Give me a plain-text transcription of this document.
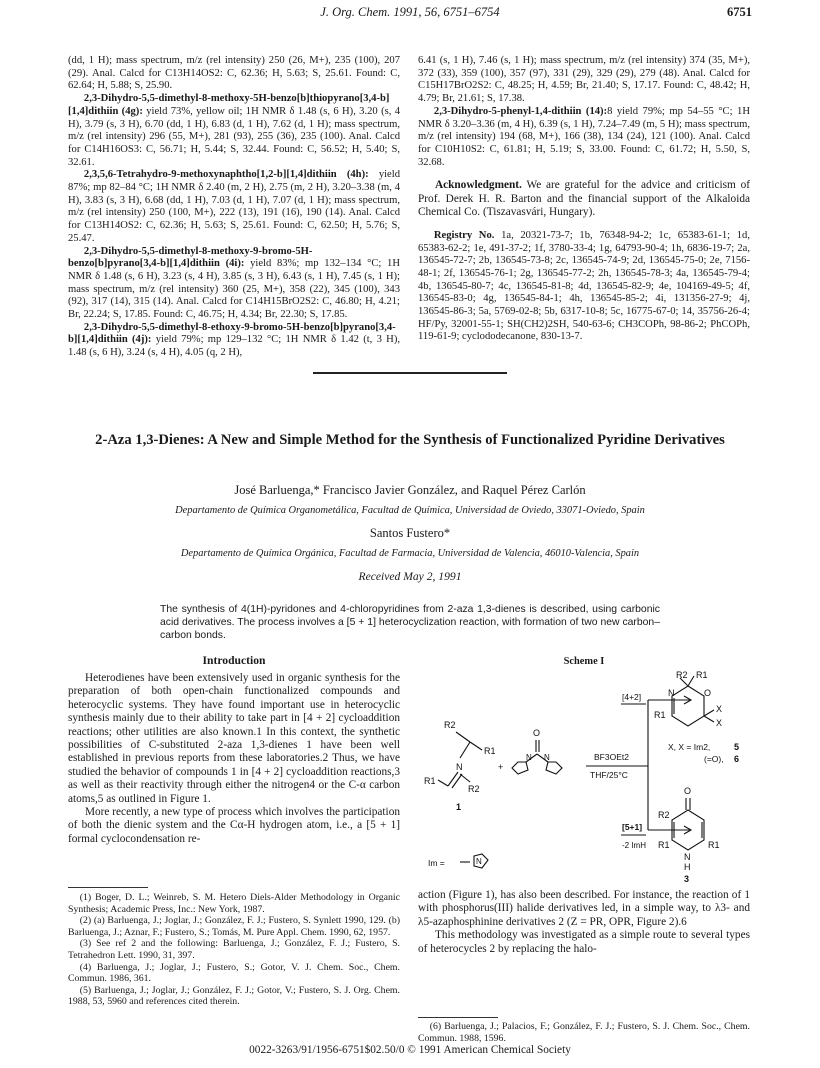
J. Org. Chem. 1991, 56, 6751–6754	6751

(dd, 1 H); mass spectrum, m/z (rel intensity) 250 (26, M+), 235 (100), 207 (29). Anal. Calcd for C13H14OS2: C, 62.36; H, 5.63; S, 25.61. Found: C, 62.64; H, 5.88; S, 25.90.

2,3-Dihydro-5,5-dimethyl-8-methoxy-5H-benzo[b]thiopyrano[3,4-b][1,4]dithiin (4g): yield 73%, yellow oil; 1H NMR δ 1.48 (s, 6 H), 3.20 (s, 4 H), 3.79 (s, 3 H), 6.70 (dd, 1 H), 6.83 (d, 1 H), 7.62 (d, 1 H); mass spectrum, m/z (rel intensity) 296 (55, M+), 281 (93), 255 (36), 235 (100). Anal. Calcd for C14H16OS3: C, 56.71; H, 5.44; S, 32.44. Found: C, 56.52; H, 5.40; S, 32.61.

2,3,5,6-Tetrahydro-9-methoxynaphtho[1,2-b][1,4]dithiin (4h): yield 87%; mp 82–84 °C; 1H NMR δ 2.40 (m, 2 H), 2.75 (m, 2 H), 3.20–3.38 (m, 4 H), 3.83 (s, 3 H), 6.68 (dd, 1 H), 7.03 (d, 1 H), 7.07 (d, 1 H); mass spectrum, m/z (rel intensity) 250 (100, M+), 222 (13), 191 (16), 190 (14). Anal. Calcd for C13H14OS2: C, 62.36; H, 5.63; S, 25.61. Found: C, 62.50; H, 5.76; S, 25.47.

2,3-Dihydro-5,5-dimethyl-8-methoxy-9-bromo-5H-benzo[b]pyrano[3,4-b][1,4]dithiin (4i): yield 83%; mp 132–134 °C; 1H NMR δ 1.48 (s, 6 H), 3.23 (s, 4 H), 3.85 (s, 3 H), 6.43 (s, 1 H), 7.45 (s, 1 H); mass spectrum, m/z (rel intensity) 360 (25, M+), 358 (22), 345 (100), 343 (92), 317 (14), 315 (14). Anal. Calcd for C14H15BrO2S2: C, 46.80; H, 4.21; Br, 22.24; S, 17.85. Found: C, 46.75; H, 4.34; Br, 22.30; S, 17.85.

2,3-Dihydro-5,5-dimethyl-8-ethoxy-9-bromo-5H-benzo[b]pyrano[3,4-b][1,4]dithiin (4j): yield 79%; mp 129–132 °C; 1H NMR δ 1.42 (t, 3 H), 1.48 (s, 6 H), 3.24 (s, 4 H), 4.05 (q, 2 H),

6.41 (s, 1 H), 7.46 (s, 1 H); mass spectrum, m/z (rel intensity) 374 (35, M+), 372 (33), 359 (100), 357 (97), 331 (29), 329 (29), 279 (48). Anal. Calcd for C15H17BrO2S2: C, 48.25; H, 4.59; Br, 21.40; S, 17.17. Found: C, 48.42; H, 4.79; Br, 21.61; S, 17.38.

2,3-Dihydro-5-phenyl-1,4-dithiin (14):8 yield 79%; mp 54–55 °C; 1H NMR δ 3.20–3.36 (m, 4 H), 6.39 (s, 1 H), 7.24–7.49 (m, 5 H); mass spectrum, m/z (rel intensity) 194 (68, M+), 166 (38), 134 (24), 121 (100). Anal. Calcd for C10H10S2: C, 61.81; H, 5.19; S, 33.00. Found: C, 61.72; H, 5.50, S, 32.68.

Acknowledgment. We are grateful for the advice and criticism of Prof. Derek H. R. Barton and the financial support of the Alkaloida Chemical Co. (Tiszavasvári, Hungary).

Registry No. 1a, 20321-73-7; 1b, 76348-94-2; 1c, 65383-61-1; 1d, 65383-62-2; 1e, 491-37-2; 1f, 3780-33-4; 1g, 64793-90-4; 1h, 6836-19-7; 2a, 136545-72-7; 2b, 136545-73-8; 2c, 136545-74-9; 2d, 136545-75-0; 2e, 7156-48-1; 2f, 136545-76-1; 2g, 136545-77-2; 2h, 136545-78-3; 4a, 136545-79-4; 4b, 136545-80-7; 4c, 136545-81-8; 4d, 136545-82-9; 4e, 104169-49-5; 4f, 136545-83-0; 4g, 136545-84-1; 4h, 136545-85-2; 4i, 131356-27-9; 4j, 136545-86-3; 5a, 5769-02-8; 5b, 6317-10-8; 5c, 16775-67-0; 14, 35756-26-4; HF/Py, 32001-55-1; SH(CH2)2SH, 540-63-6; CH3COPh, 98-86-2; PhCOPh, 119-61-9; cyclododecanone, 830-13-7.

2-Aza 1,3-Dienes: A New and Simple Method for the Synthesis of Functionalized Pyridine Derivatives
José Barluenga,* Francisco Javier González, and Raquel Pérez Carlón
Departamento de Química Organometálica, Facultad de Química, Universidad de Oviedo, 33071-Oviedo, Spain
Santos Fustero*
Departamento de Química Orgánica, Facultad de Farmacia, Universidad de Valencia, 46010-Valencia, Spain
Received May 2, 1991
The synthesis of 4(1H)-pyridones and 4-chloropyridines from 2-aza 1,3-dienes is described, using carbonic acid derivatives. The process involves a [5 + 1] heterocyclization reaction, with formation of two new carbon–carbon bonds.
Introduction

Heterodienes have been extensively used in organic synthesis for the preparation of both open-chain functionalized compounds and heterocyclic systems. They have found important use in heterocyclic synthesis mainly due to their ability to take part in [4 + 2] cycloaddition reactions; other utilities are also known.1 In this context, the synthetic possibilities of C-substituted 2-aza 1,3-dienes 1 have been well established in previous reports from these laboratories.2 Thus, we have studied the behavior of compounds 1 in [4 + 2] cycloaddition reactions,3 as well as their reactivity through either the nitrogen4 or the C-α carbon atoms,5 as outlined in Figure 1.

More recently, a new type of process which involves the participation of both the dienic system and the Cα-H hydrogen atom, i.e., a [5 + 1] formal cyclocondensation re-

(1) Boger, D. L.; Weinreb, S. M. Hetero Diels-Alder Methodology in Organic Synthesis; Academic Press, Inc.: New York, 1987.

(2) (a) Barluenga, J.; Joglar, J.; González, F. J.; Fustero, S. Synlett 1990, 129. (b) Barluenga, J.; Aznar, F.; Fustero, S.; Tomás, M. Pure Appl. Chem. 1990, 62, 1957.

(3) See ref 2 and the following: Barluenga, J.; González, F. J.; Fustero, S. Tetrahedron Lett. 1990, 31, 397.

(4) Barluenga, J.; Joglar, J.; Fustero, S.; Gotor, V. J. Chem. Soc., Chem. Commun. 1986, 361.

(5) Barluenga, J.; Joglar, J.; González, F. J.; Gotor, V.; Fustero, S. J. Org. Chem. 1988, 53, 5960 and references cited therein.

Scheme I
R2
R1
N
R1
R2
1
+
O
N N	BF3OEt2
THF/25°C
[4+2]
[5+1]
-2 ImH
R2 R1
N	O
R1
X
X
X, X = Im2,	5
(=O), 6
O
R2
R1	R1
N
H
3
Im =	N

action (Figure 1), has also been described. For instance, the reaction of 1 with phosphorus(III) halide derivatives led, in a simple way, to λ3- and λ5-azaphosphinine derivatives 2 (Z = PR, OPR, Figure 2).6

This methodology was investigated as a simple route to several types of heterocycles 2 by replacing the halo-

(6) Barluenga, J.; Palacios, F.; González, F. J.; Fustero, S. J. Chem. Soc., Chem. Commun. 1988, 1596.

0022-3263/91/1956-6751$02.50/0 © 1991 American Chemical Society
